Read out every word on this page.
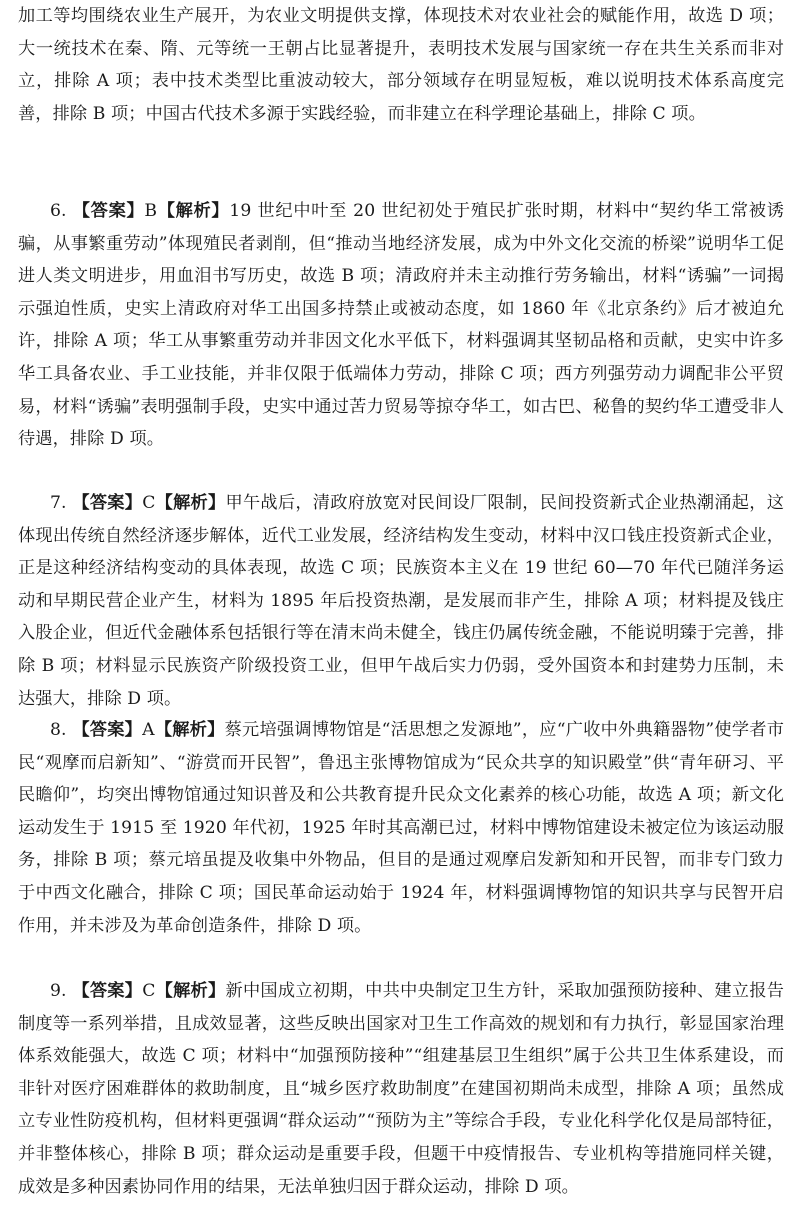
加工等均围绕农业生产展开，为农业文明提供支撑，体现技术对农业社会的赋能作用，故选 D 项；大一统技术在秦、隋、元等统一王朝占比显著提升，表明技术发展与国家统一存在共生关系而非对立，排除 A 项；表中技术类型比重波动较大，部分领域存在明显短板，难以说明技术体系高度完善，排除 B 项；中国古代技术多源于实践经验，而非建立在科学理论基础上，排除 C 项。

6. 【答案】B【解析】19 世纪中叶至 20 世纪初处于殖民扩张时期，材料中“契约华工常被诱骗，从事繁重劳动”体现殖民者剥削，但“推动当地经济发展，成为中外文化交流的桥梁”说明华工促进人类文明进步，用血泪书写历史，故选 B 项；清政府并未主动推行劳务输出，材料“诱骗”一词揭示强迫性质，史实上清政府对华工出国多持禁止或被动态度，如 1860 年《北京条约》后才被迫允许，排除 A 项；华工从事繁重劳动并非因文化水平低下，材料强调其坚韧品格和贡献，史实中许多华工具备农业、手工业技能，并非仅限于低端体力劳动，排除 C 项；西方列强劳动力调配非公平贸易，材料“诱骗”表明强制手段，史实中通过苦力贸易等掠夺华工，如古巴、秘鲁的契约华工遭受非人待遇，排除 D 项。

7. 【答案】C【解析】甲午战后，清政府放宽对民间设厂限制，民间投资新式企业热潮涌起，这体现出传统自然经济逐步解体，近代工业发展，经济结构发生变动，材料中汉口钱庄投资新式企业，正是这种经济结构变动的具体表现，故选 C 项；民族资本主义在 19 世纪 60—70 年代已随洋务运动和早期民营企业产生，材料为 1895 年后投资热潮，是发展而非产生，排除 A 项；材料提及钱庄入股企业，但近代金融体系包括银行等在清末尚未健全，钱庄仍属传统金融，不能说明臻于完善，排除 B 项；材料显示民族资产阶级投资工业，但甲午战后实力仍弱，受外国资本和封建势力压制，未达强大，排除 D 项。

8. 【答案】A【解析】蔡元培强调博物馆是“活思想之发源地”，应“广收中外典籍器物”使学者市民“观摩而启新知”、“游赏而开民智”，鲁迅主张博物馆成为“民众共享的知识殿堂”供“青年研习、平民瞻仰”，均突出博物馆通过知识普及和公共教育提升民众文化素养的核心功能，故选 A 项；新文化运动发生于 1915 至 1920 年代初，1925 年时其高潮已过，材料中博物馆建设未被定位为该运动服务，排除 B 项；蔡元培虽提及收集中外物品，但目的是通过观摩启发新知和开民智，而非专门致力于中西文化融合，排除 C 项；国民革命运动始于 1924 年，材料强调博物馆的知识共享与民智开启作用，并未涉及为革命创造条件，排除 D 项。

9. 【答案】C【解析】新中国成立初期，中共中央制定卫生方针，采取加强预防接种、建立报告制度等一系列举措，且成效显著，这些反映出国家对卫生工作高效的规划和有力执行，彰显国家治理体系效能强大，故选 C 项；材料中“加强预防接种”“组建基层卫生组织”属于公共卫生体系建设，而非针对医疗困难群体的救助制度，且“城乡医疗救助制度”在建国初期尚未成型，排除 A 项；虽然成立专业性防疫机构，但材料更强调“群众运动”“预防为主”等综合手段，专业化科学化仅是局部特征，并非整体核心，排除 B 项；群众运动是重要手段，但题干中疫情报告、专业机构等措施同样关键，成效是多种因素协同作用的结果，无法单独归因于群众运动，排除 D 项。
